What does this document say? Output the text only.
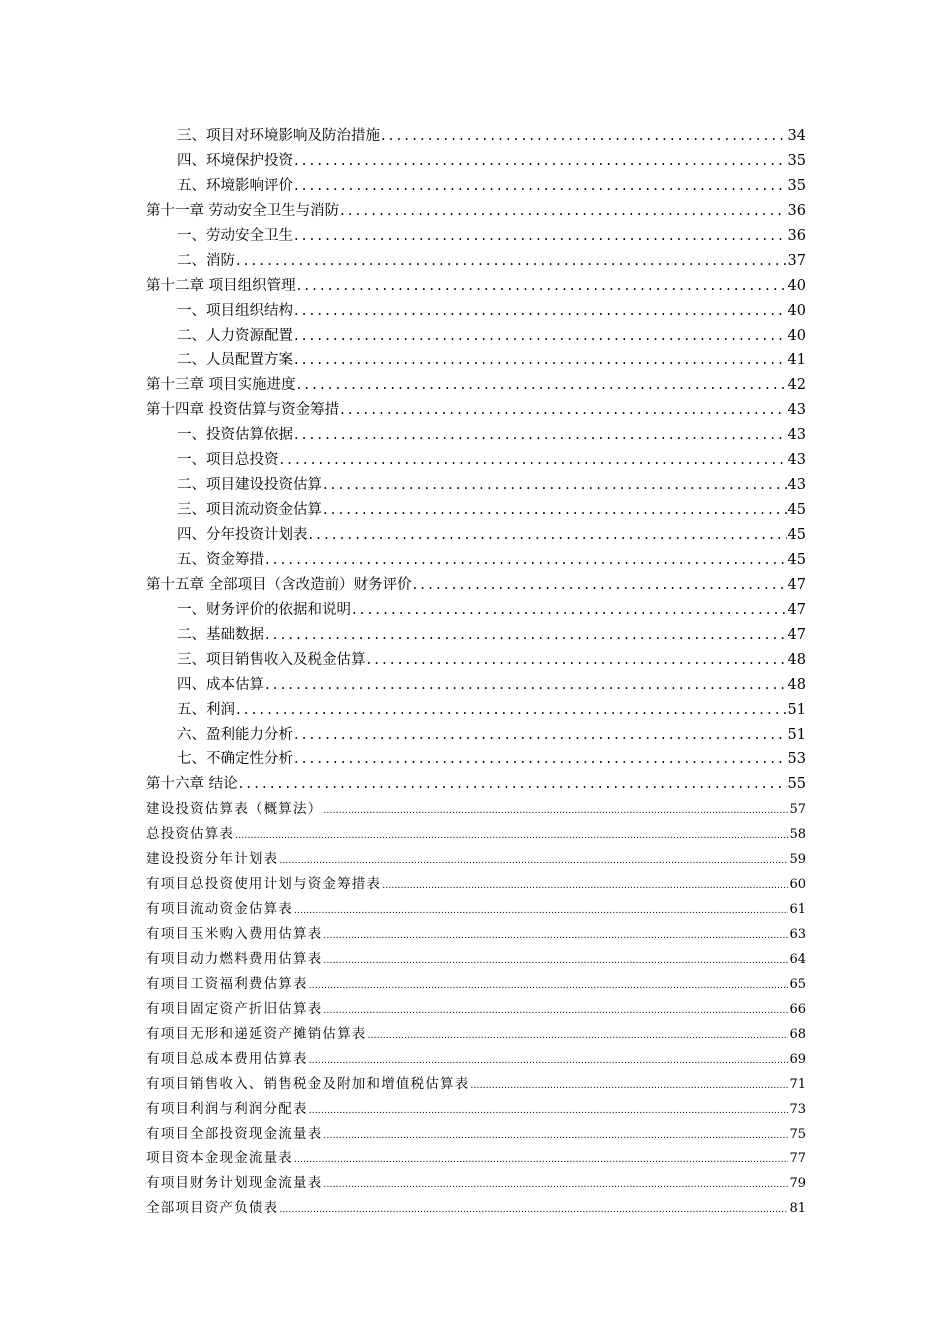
三、项目对环境影响及防治措施 .....	34
四、环境保护投资 .....	35
五、环境影响评价 .....	35
第十一章 劳动安全卫生与消防 .....	36
一、劳动安全卫生 .....	36
二、消防 .....	37
第十二章 项目组织管理 .....	40
一、项目组织结构 .....	40
二、人力资源配置 .....	40
二、人员配置方案 .....	41
第十三章 项目实施进度 .....	42
第十四章 投资估算与资金筹措 .....	43
一、投资估算依据 .....	43
一、项目总投资 .....	43
二、项目建设投资估算 .....	43
三、项目流动资金估算 .....	45
四、分年投资计划表 .....	45
五、资金筹措 .....	45
第十五章 全部项目（含改造前）财务评价 .....	47
一、财务评价的依据和说明 .....	47
二、基础数据 .....	47
三、项目销售收入及税金估算 .....	48
四、成本估算 .....	48
五、利润 .....	51
六、盈利能力分析 .....	51
七、不确定性分析 .....	53
第十六章 结论 .....	55
建设投资估算表（概算法） .....	57
总投资估算表 .....	58
建设投资分年计划表 .....	59
有项目总投资使用计划与资金筹措表 .....	60
有项目流动资金估算表 .....	61
有项目玉米购入费用估算表 .....	63
有项目动力燃料费用估算表 .....	64
有项目工资福利费估算表 .....	65
有项目固定资产折旧估算表 .....	66
有项目无形和递延资产摊销估算表 .....	68
有项目总成本费用估算表 .....	69
有项目销售收入、销售税金及附加和增值税估算表 .....	71
有项目利润与利润分配表 .....	73
有项目全部投资现金流量表 .....	75
项目资本金现金流量表 .....	77
有项目财务计划现金流量表 .....	79
全部项目资产负债表 .....	81
